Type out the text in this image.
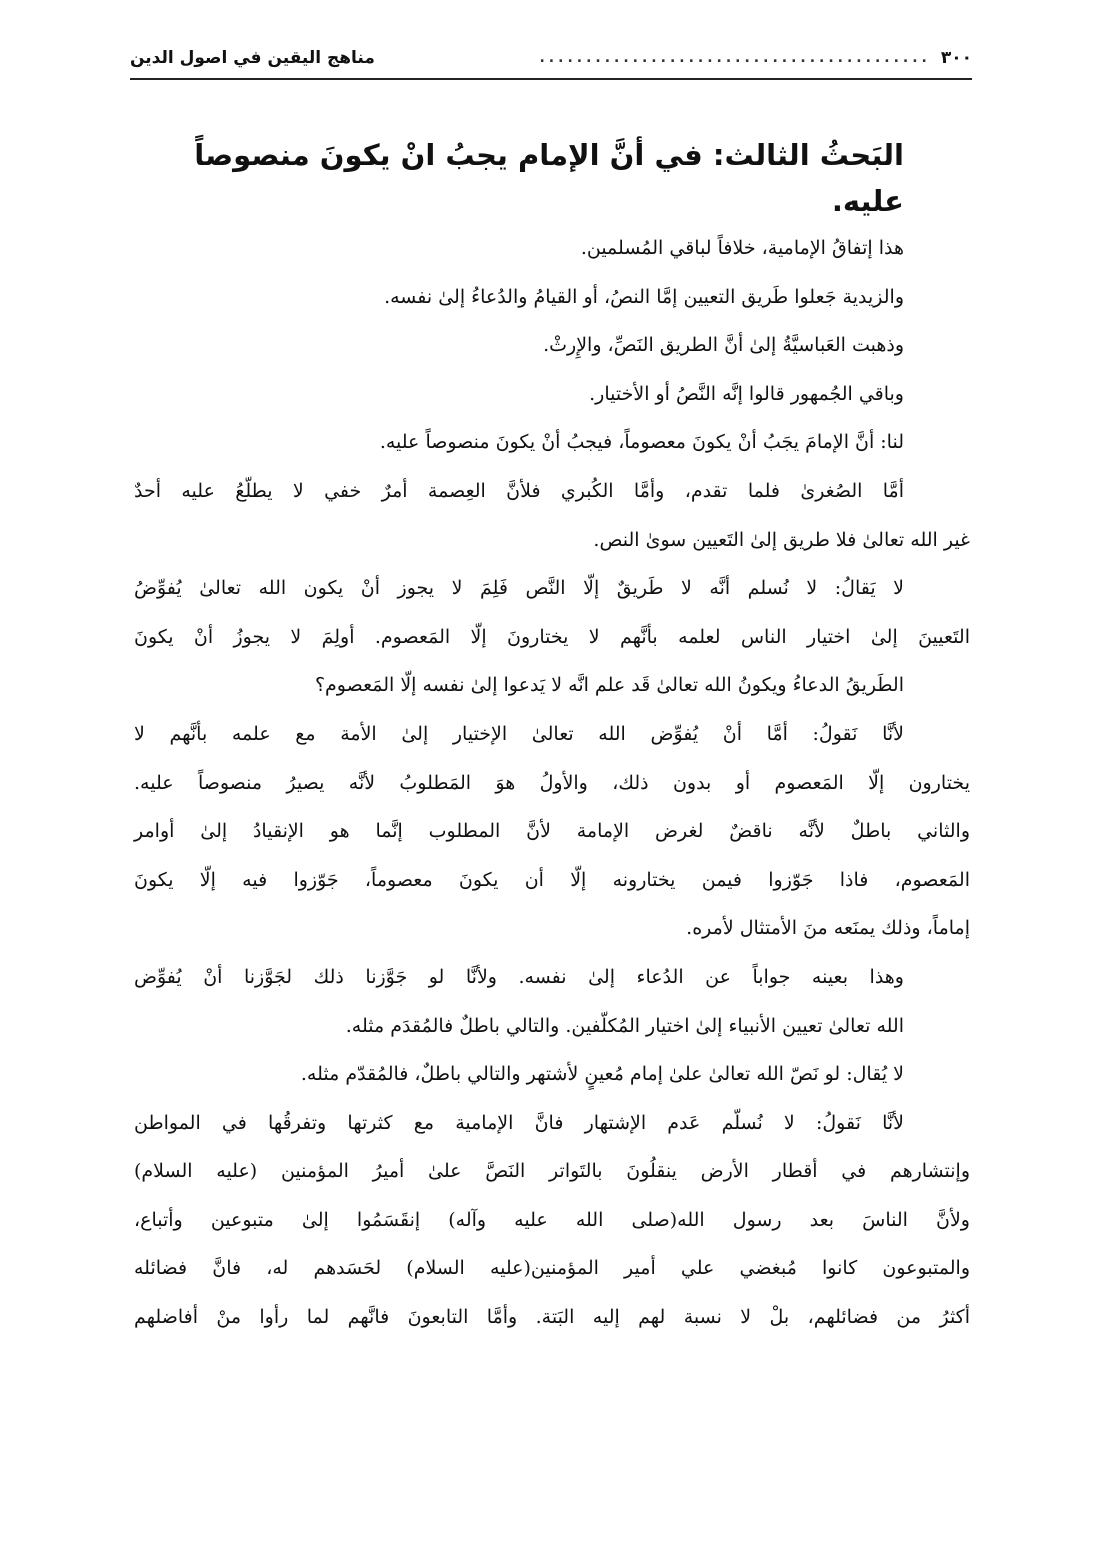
٣٠٠
..........................................
مناهج اليقين في اصول الدين
البَحثُ الثالث: في أنَّ الإمام يجبُ انْ يكونَ منصوصاً عليه.
هذا إتفاقُ الإمامية، خلافاً لباقي المُسلمين.
والزيدية جَعلوا طَريق التعيين إمَّا النصُ، أو القيامُ والدُعاءُ إلىٰ نفسه.
وذهبت العَباسيَّةُ إلىٰ أنَّ الطريق النَصِّ، والإِرثْ.
وباقي الجُمهور قالوا إنَّه النَّصُ أو الأختيار.
لنا: أنَّ الإمامَ يجَبُ أنْ يكونَ معصوماً، فيجبُ أنْ يكونَ منصوصاً عليه.
أمَّا الصُغرىٰ فلما تقدم، وأمَّا الكُبري فلأنَّ العِصمة أمرٌ خفي لا يطلّعُ عليه أحدٌ
غير الله تعالىٰ فلا طريق إلىٰ التَعيين سوىٰ النص.
لا يَقالُ: لا نُسلم أنَّه لا طَريقٌ إلّا النَّص فَلِمَ لا يجوز أنْ يكون الله تعالىٰ يُفوِّضُ
التَعيينَ إلىٰ اختيار الناس لعلمه بأنَّهم لا يختارونَ إلّا المَعصوم. أولِمَ لا يجوزُ أنْ يكونَ
الطَريقُ الدعاءُ ويكونُ الله تعالىٰ قَد علم انَّه لا يَدعوا إلىٰ نفسه إلّا المَعصوم؟
لأنَّا نَقولُ: أمَّا أنْ يُفوِّض الله تعالىٰ الإختيار إلىٰ الأمة مع علمه بأنَّهم لا
يختارون إلّا المَعصوم أو بدون ذلك، والأولُ هوَ المَطلوبُ لأنَّه يصيرُ منصوصاً عليه.
والثاني باطلٌ لأنَّه ناقضٌ لغرض الإمامة لأنَّ المطلوب إنَّما هو الإنقيادُ إلىٰ أوامر
المَعصوم، فاذا جَوّزوا فيمن يختارونه إلّا أن يكونَ معصوماً، جَوّزوا فيه إلّا يكونَ
إماماً، وذلك يمنَعه منَ الأمتثال لأمره.
وهذا بعينه جواباً عن الدُعاء إلىٰ نفسه. ولأنَّا لو جَوَّزنا ذلك لجَوَّزنا أنْ يُفوِّض
الله تعالىٰ تعيين الأنبياء إلىٰ اختيار المُكلّفين. والتالي باطلٌ فالمُقدَم مثله.
لا يُقال: لو نَصّ الله تعالىٰ علىٰ إمام مُعينٍ لأشتهر والتالي باطلٌ، فالمُقدّم مثله.
لأنَّا نَقولُ: لا نُسلّم عَدم الإشتهار فانَّ الإمامية مع كثرتها وتفرقُها في المواطن
وإنتشارهم في أقطار الأرض ينقلُونَ بالتَواتر النَصَّ علىٰ أميرُ المؤمنين (عليه السلام)
ولأنَّ الناسَ بعد رسول الله(صلى الله عليه وآله) إنقَسَمُوا إلىٰ متبوعين وأتباع،
والمتبوعون كانوا مُبغضي علي أمير المؤمنين(عليه السلام) لحَسَدهم له، فانَّ فضائله
أكثرُ من فضائلهم، بلْ لا نسبة لهم إليه البَتة. وأمَّا التابعونَ فانَّهم لما رأوا منْ أفاضلهم
